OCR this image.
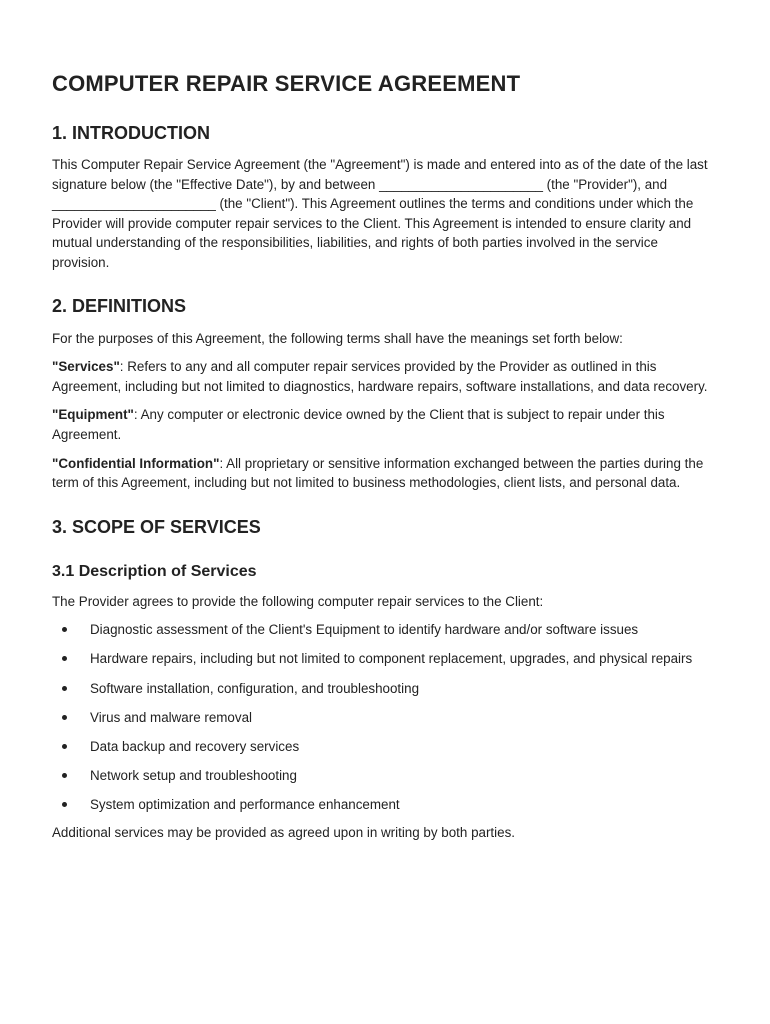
COMPUTER REPAIR SERVICE AGREEMENT
1. INTRODUCTION

This Computer Repair Service Agreement (the "Agreement") is made and entered into as of the date of the last signature below (the "Effective Date"), by and between ______________________ (the "Provider"), and ______________________ (the "Client"). This Agreement outlines the terms and conditions under which the Provider will provide computer repair services to the Client. This Agreement is intended to ensure clarity and mutual understanding of the responsibilities, liabilities, and rights of both parties involved in the service provision.

2. DEFINITIONS

For the purposes of this Agreement, the following terms shall have the meanings set forth below:

"Services": Refers to any and all computer repair services provided by the Provider as outlined in this Agreement, including but not limited to diagnostics, hardware repairs, software installations, and data recovery.

"Equipment": Any computer or electronic device owned by the Client that is subject to repair under this Agreement.

"Confidential Information": All proprietary or sensitive information exchanged between the parties during the term of this Agreement, including but not limited to business methodologies, client lists, and personal data.

3. SCOPE OF SERVICES
3.1 Description of Services

The Provider agrees to provide the following computer repair services to the Client:

Diagnostic assessment of the Client's Equipment to identify hardware and/or software issues
Hardware repairs, including but not limited to component replacement, upgrades, and physical repairs
Software installation, configuration, and troubleshooting
Virus and malware removal
Data backup and recovery services
Network setup and troubleshooting
System optimization and performance enhancement

Additional services may be provided as agreed upon in writing by both parties.
